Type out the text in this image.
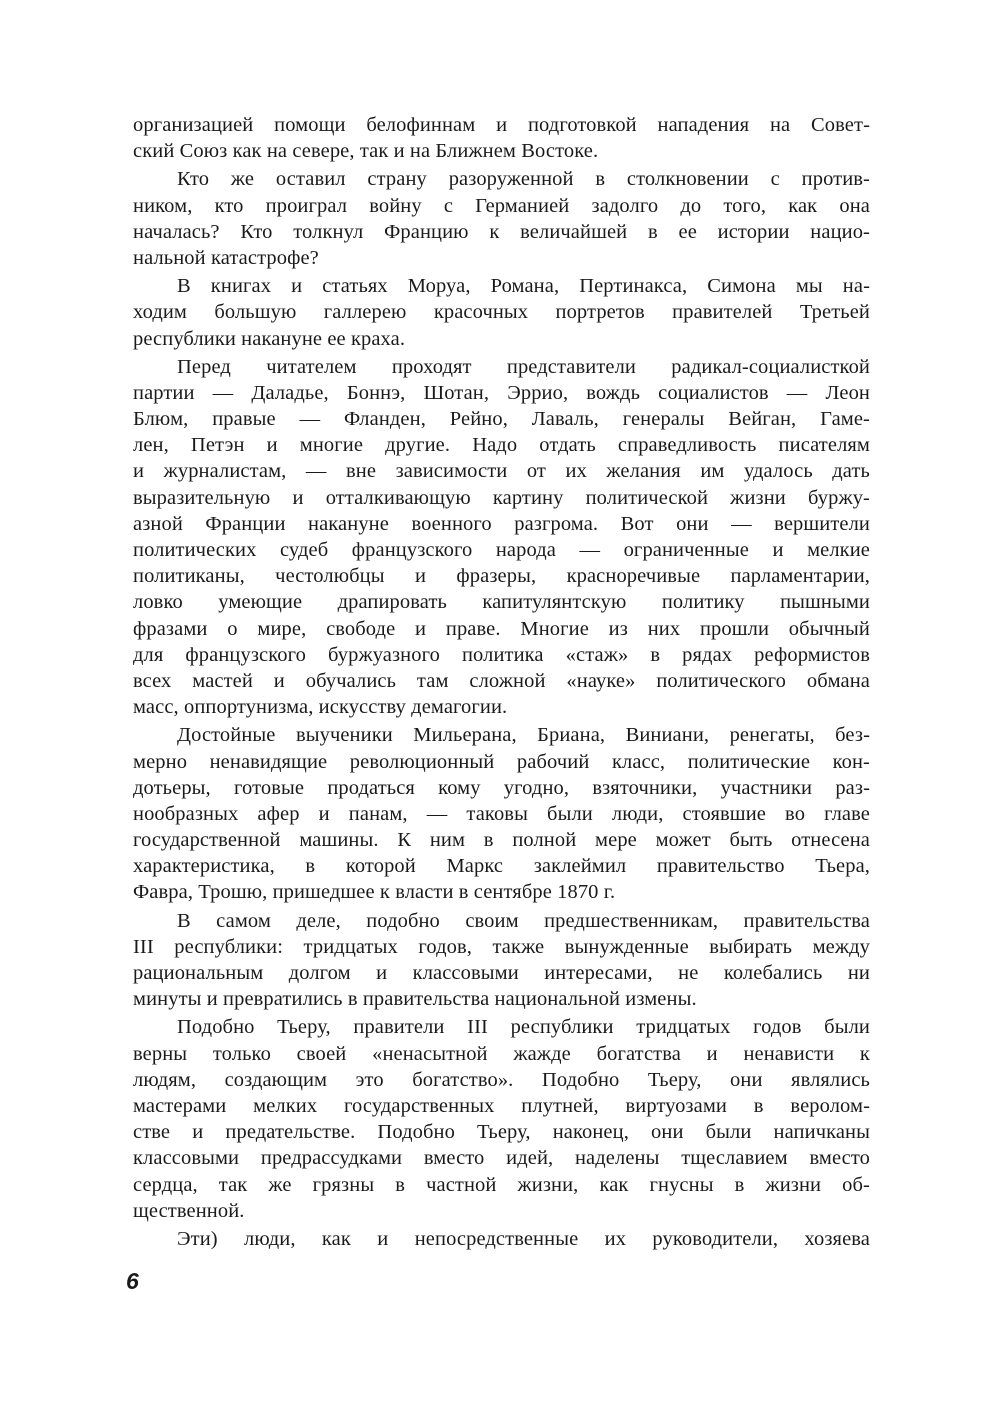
организацией помощи белофиннам и подготовкой нападения на Совет-
ский Союз как на севере, так и на Ближнем Востоке.
Кто же оставил страну разоруженной в столкновении с против-
ником, кто проиграл войну с Германией задолго до того, как она
началась? Кто толкнул Францию к величайшей в ее истории нацио-
нальной катастрофе?
В книгах и статьях Моруа, Романа, Пертинакса, Симона мы на-
ходим большую галлерею красочных портретов правителей Третьей
республики накануне ее краха.
Перед читателем проходят представители радикал-социалисткой
партии — Даладье, Боннэ, Шотан, Эррио, вождь социалистов — Леон
Блюм, правые — Фланден, Рейно, Лаваль, генералы Вейган, Гаме-
лен, Петэн и многие другие. Надо отдать справедливость писателям
и журналистам, — вне зависимости от их желания им удалось дать
выразительную и отталкивающую картину политической жизни буржу-
азной Франции накануне военного разгрома. Вот они — вершители
политических судеб французского народа — ограниченные и мелкие
политиканы, честолюбцы и фразеры, красноречивые парламентарии,
ловко умеющие драпировать капитулянтскую политику пышными
фразами о мире, свободе и праве. Многие из них прошли обычный
для французского буржуазного политика «стаж» в рядах реформистов
всех мастей и обучались там сложной «науке» политического обмана
масс, оппортунизма, искусству демагогии.
Достойные выученики Мильерана, Бриана, Виниани, ренегаты, без-
мерно ненавидящие революционный рабочий класс, политические кон-
дотьеры, готовые продаться кому угодно, взяточники, участники раз-
нообразных афер и панам, — таковы были люди, стоявшие во главе
государственной машины. К ним в полной мере может быть отнесена
характеристика, в которой Маркс заклеймил правительство Тьера,
Фавра, Трошю, пришедшее к власти в сентябре 1870 г.
В самом деле, подобно своим предшественникам, правительства
III республики: тридцатых годов, также вынужденные выбирать между
рациональным долгом и классовыми интересами, не колебались ни
минуты и превратились в правительства национальной измены.
Подобно Тьеру, правители III республики тридцатых годов были
верны только своей «ненасытной жажде богатства и ненависти к
людям, создающим это богатство». Подобно Тьеру, они являлись
мастерами мелких государственных плутней, виртуозами в веролом-
стве и предательстве. Подобно Тьеру, наконец, они были напичканы
классовыми предрассудками вместо идей, наделены тщеславием вместо
сердца, так же грязны в частной жизни, как гнусны в жизни об-
щественной.
Эти) люди, как и непосредственные их руководители, хозяева
6
